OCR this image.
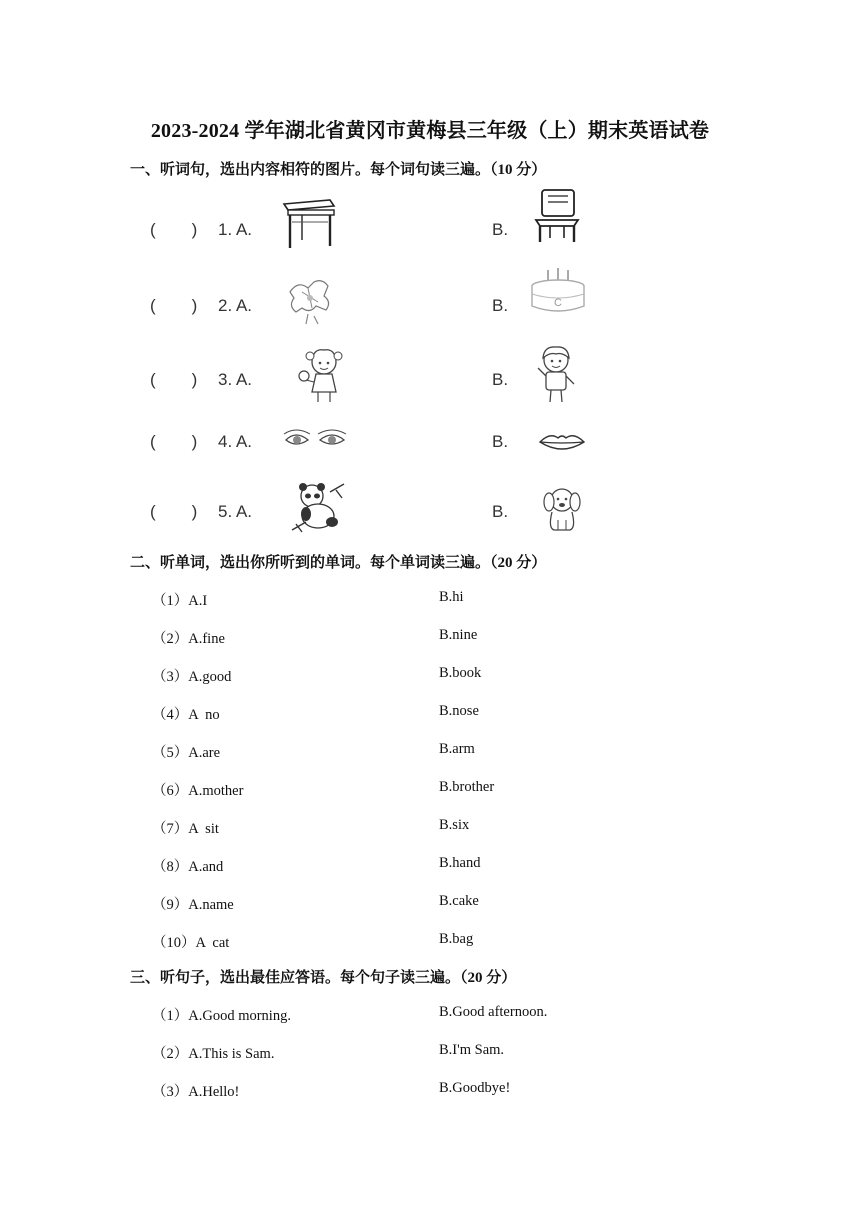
2023-2024 学年湖北省黄冈市黄梅县三年级（上）期末英语试卷
一、听词句，选出内容相符的图片。每个词句读三遍。（10 分）
( ) 1. A.	B.
( ) 2. A.	B.	C
( ) 3. A.	B.
( ) 4. A.	B.
( ) 5. A.	B.
二、听单词，选出你所听到的单词。每个单词读三遍。（20 分）
（1）A.I	B.hi
（2）A.fine	B.nine
（3）A.good	B.book
（4）A  no	B.nose
（5）A.are	B.arm
（6）A.mother	B.brother
（7）A  sit	B.six
（8）A.and	B.hand
（9）A.name	B.cake
（10）A  cat	B.bag
三、听句子，选出最佳应答语。每个句子读三遍。（20 分）
（1）A.Good morning.	B.Good afternoon.
（2）A.This is Sam.	B.I'm Sam.
（3）A.Hello!	B.Goodbye!
